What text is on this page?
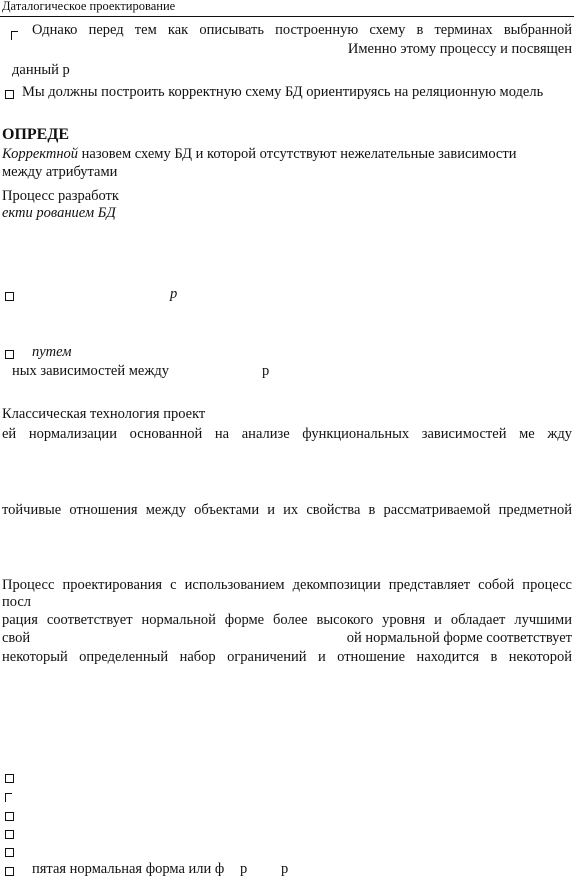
Даталогическое проектирование
Однако перед тем как описывать построенную схему в терминах выбранной
Именно этому процессу и посвящен
данный р
Мы должны построить корректную схему БД ориентируясь на реляционную модель
ОПРЕДЕ
Корректной назовем схему БД и которой отсутствуют нежелательные зависимости
между атрибутами
Процесс разработк
екти рованием БД
р
путем
ных зависимостей между	р
Классическая технология проект
ей нормализации основанной на анализе функциональных зависимостей ме жду
тойчивые отношения между объектами и их свойства в рассматриваемой предметной
Процесс проектирования с использованием декомпозиции представляет собой процесс
посл
рация соответствует нормальной форме более высокого уровня и обладает лучшими
свой	ой нормальной форме соответствует
некоторый определенный набор ограничений и отношение находится в некоторой
пятая нормальная форма или ф р р
